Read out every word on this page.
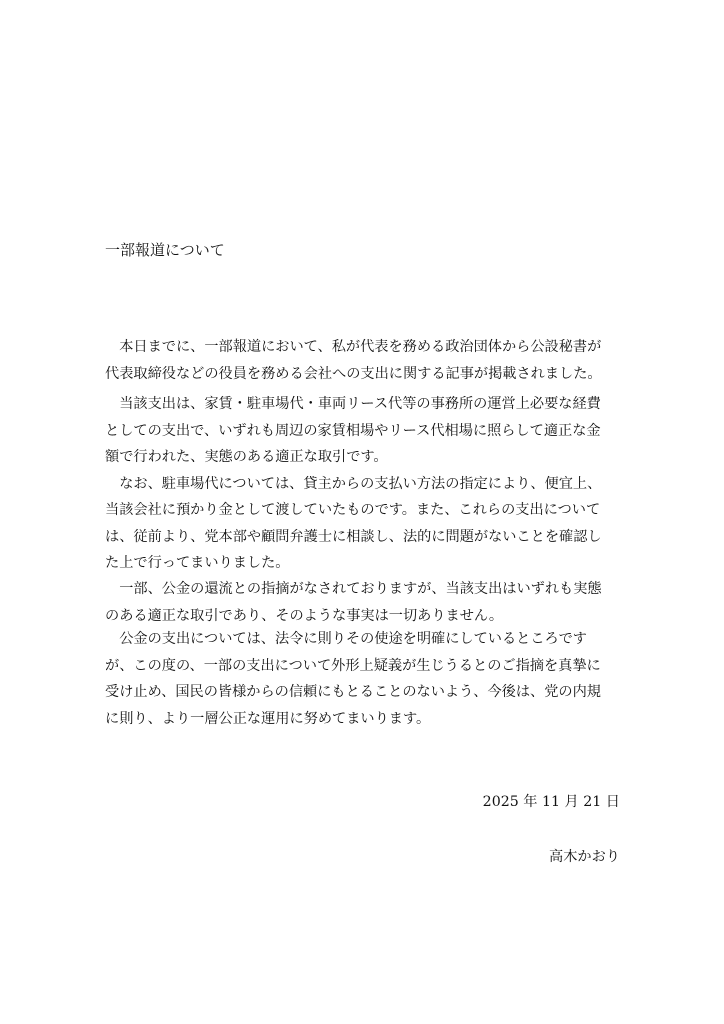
一部報道について
　本日までに、一部報道において、私が代表を務める政治団体から公設秘書が
代表取締役などの役員を務める会社への支出に関する記事が掲載されました。
　当該支出は、家賃・駐車場代・車両リース代等の事務所の運営上必要な経費
としての支出で、いずれも周辺の家賃相場やリース代相場に照らして適正な金
額で行われた、実態のある適正な取引です。
　なお、駐車場代については、貸主からの支払い方法の指定により、便宜上、
当該会社に預かり金として渡していたものです。また、これらの支出について
は、従前より、党本部や顧問弁護士に相談し、法的に問題がないことを確認し
た上で行ってまいりました。
　一部、公金の還流との指摘がなされておりますが、当該支出はいずれも実態
のある適正な取引であり、そのような事実は一切ありません。
　公金の支出については、法令に則りその使途を明確にしているところです
が、この度の、一部の支出について外形上疑義が生じうるとのご指摘を真摯に
受け止め、国民の皆様からの信頼にもとることのないよう、今後は、党の内規
に則り、より一層公正な運用に努めてまいります。
2025 年 11 月 21 日
高木かおり
